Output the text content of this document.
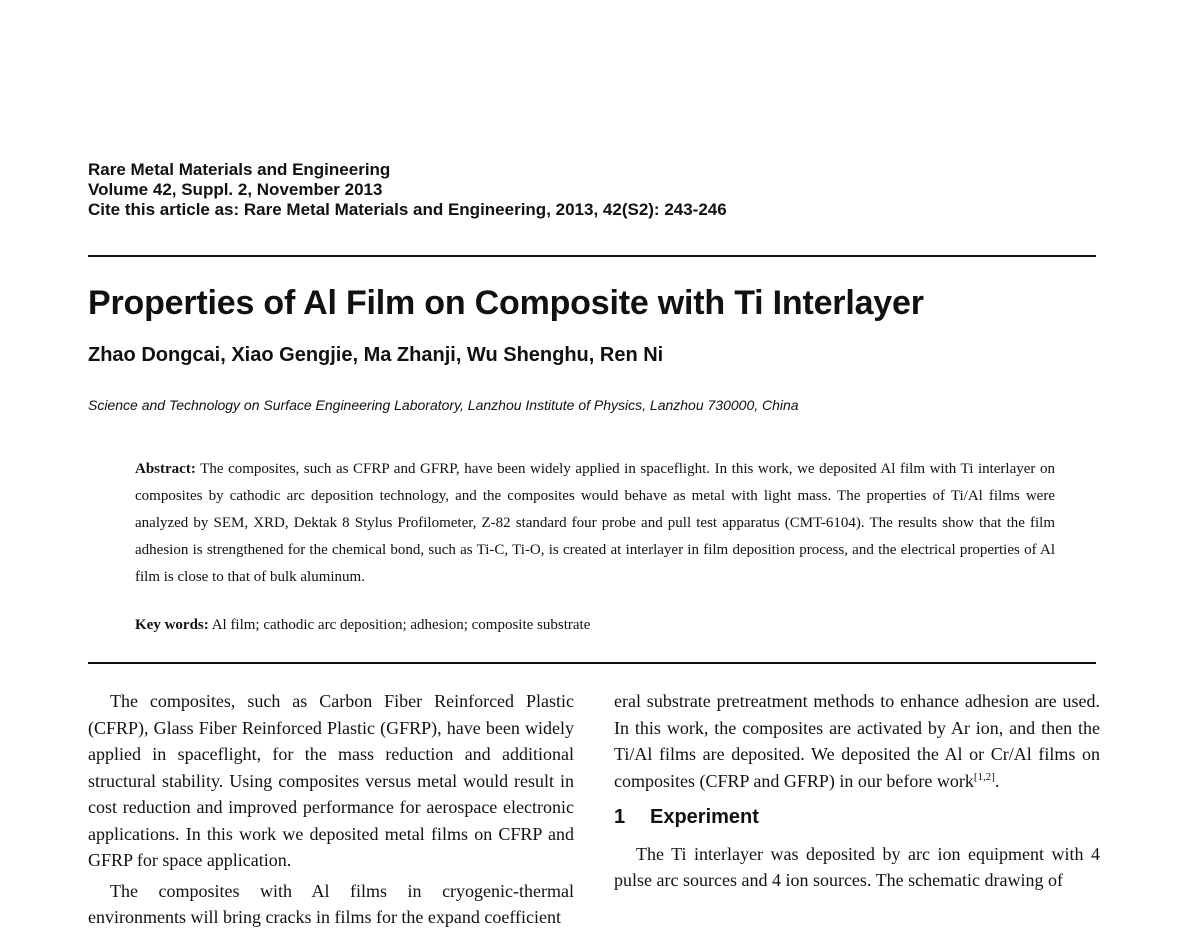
Rare Metal Materials and Engineering
Volume 42, Suppl. 2, November 2013
Cite this article as: Rare Metal Materials and Engineering, 2013, 42(S2): 243-246
Properties of Al Film on Composite with Ti Interlayer
Zhao Dongcai, Xiao Gengjie, Ma Zhanji, Wu Shenghu, Ren Ni
Science and Technology on Surface Engineering Laboratory, Lanzhou Institute of Physics, Lanzhou 730000, China
Abstract: The composites, such as CFRP and GFRP, have been widely applied in spaceflight. In this work, we deposited Al film with Ti interlayer on composites by cathodic arc deposition technology, and the composites would behave as metal with light mass. The properties of Ti/Al films were analyzed by SEM, XRD, Dektak 8 Stylus Profilometer, Z-82 standard four probe and pull test apparatus (CMT-6104). The results show that the film adhesion is strengthened for the chemical bond, such as Ti-C, Ti-O, is created at interlayer in film deposition process, and the electrical properties of Al film is close to that of bulk aluminum.
Key words: Al film; cathodic arc deposition; adhesion; composite substrate

The composites, such as Carbon Fiber Reinforced Plastic (CFRP), Glass Fiber Reinforced Plastic (GFRP), have been widely applied in spaceflight, for the mass reduction and additional structural stability. Using composites versus metal would result in cost reduction and improved performance for aerospace electronic applications. In this work we deposited metal films on CFRP and GFRP for space application.

The composites with Al films in cryogenic-thermal environments will bring cracks in films for the expand coefficient

eral substrate pretreatment methods to enhance adhesion are used. In this work, the composites are activated by Ar ion, and then the Ti/Al films are deposited. We deposited the Al or Cr/Al films on composites (CFRP and GFRP) in our before work[1,2].

1 Experiment

The Ti interlayer was deposited by arc ion equipment with 4 pulse arc sources and 4 ion sources. The schematic drawing of
